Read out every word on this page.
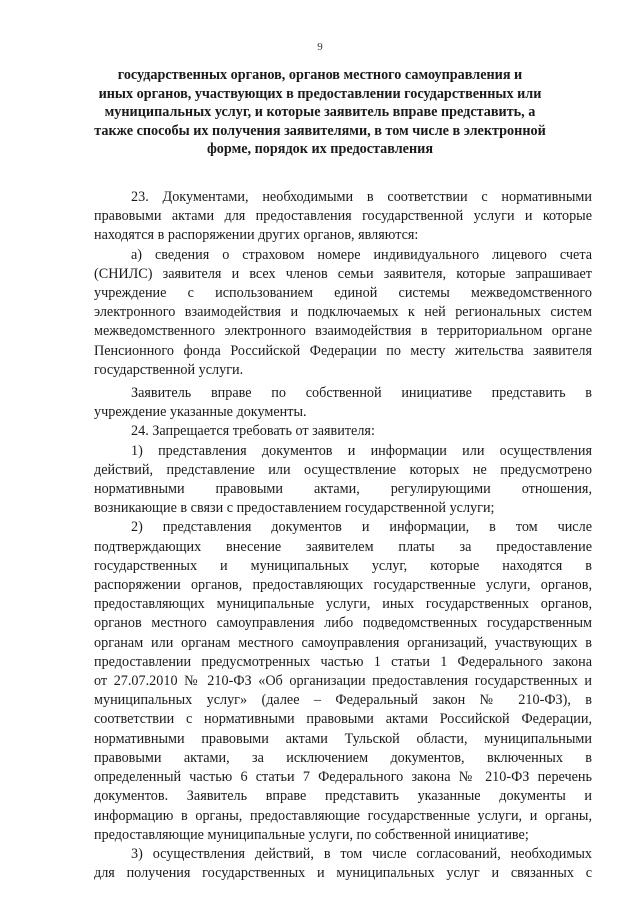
9
государственных органов, органов местного самоуправления и
иных органов, участвующих в предоставлении государственных или
муниципальных услуг, и которые заявитель вправе представить, а
также способы их получения заявителями, в том числе в электронной
форме, порядок их предоставления
23. Документами, необходимыми в соответствии с нормативными
правовыми актами для предоставления государственной услуги и которые
находятся в распоряжении других органов, являются:
а) сведения о страховом номере индивидуального лицевого счета
(СНИЛС) заявителя и всех членов семьи заявителя, которые запрашивает
учреждение с использованием единой системы межведомственного
электронного взаимодействия и подключаемых к ней региональных систем
межведомственного электронного взаимодействия в территориальном органе
Пенсионного фонда Российской Федерации по месту жительства заявителя
государственной услуги.
Заявитель вправе по собственной инициативе представить в
учреждение указанные документы.
24. Запрещается требовать от заявителя:
1) представления документов и информации или осуществления
действий, представление или осуществление которых не предусмотрено
нормативными правовыми актами, регулирующими отношения,
возникающие в связи с предоставлением государственной услуги;
2) представления документов и информации, в том числе
подтверждающих внесение заявителем платы за предоставление
государственных и муниципальных услуг, которые находятся в
распоряжении органов, предоставляющих государственные услуги, органов,
предоставляющих муниципальные услуги, иных государственных органов,
органов местного самоуправления либо подведомственных государственным
органам или органам местного самоуправления организаций, участвующих в
предоставлении предусмотренных частью 1 статьи 1 Федерального закона
от 27.07.2010 № 210-ФЗ «Об организации предоставления государственных и
муниципальных услуг» (далее – Федеральный закон № 210-ФЗ), в
соответствии с нормативными правовыми актами Российской Федерации,
нормативными правовыми актами Тульской области, муниципальными
правовыми актами, за исключением документов, включенных в
определенный частью 6 статьи 7 Федерального закона № 210-ФЗ перечень
документов. Заявитель вправе представить указанные документы и
информацию в органы, предоставляющие государственные услуги, и органы,
предоставляющие муниципальные услуги, по собственной инициативе;
3) осуществления действий, в том числе согласований, необходимых
для получения государственных и муниципальных услуг и связанных с
